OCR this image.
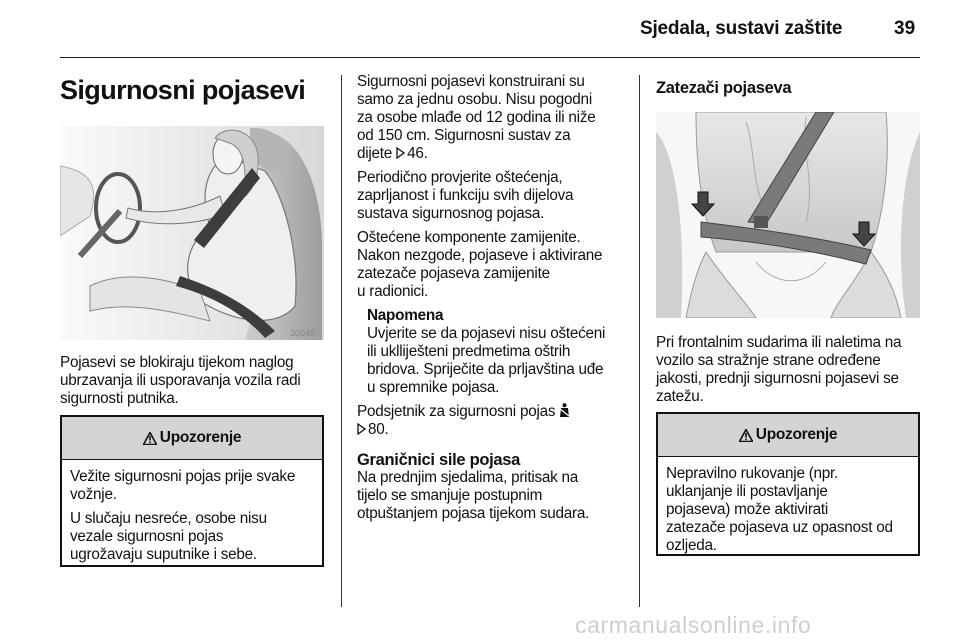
Sjedala, sustavi zaštite	39
Sigurnosni pojasevi
30049
Pojasevi se blokiraju tijekom naglog
ubrzavanja ili usporavanja vozila radi
sigurnosti putnika.
Upozorenje

Vežite sigurnosni pojas prije svake
vožnje.

U slučaju nesreće, osobe nisu
vezale sigurnosni pojas
ugrožavaju suputnike i sebe.

Sigurnosni pojasevi konstruirani su
samo za jednu osobu. Nisu pogodni
za osobe mlađe od 12 godina ili niže
od 150 cm. Sigurnosni sustav za
dijete 46.

Periodično provjerite oštećenja,
zaprljanost i funkciju svih dijelova
sustava sigurnosnog pojasa.

Oštećene komponente zamijenite.
Nakon nezgode, pojaseve i aktivirane
zatezače pojaseva zamijenite
u radionici.

Napomena
Uvjerite se da pojasevi nisu oštećeni
ili uklliješteni predmetima oštrih
bridova. Spriječite da prljavština uđe
u spremnike pojasa.

Podsjetnik za sigurnosni pojas
80.

Graničnici sile pojasa

Na prednjim sjedalima, pritisak na
tijelo se smanjuje postupnim
otpuštanjem pojasa tijekom sudara.

Zatezači pojaseva
Pri frontalnim sudarima ili naletima na
vozilo sa stražnje strane određene
jakosti, prednji sigurnosni pojasevi se
zatežu.
Upozorenje
Nepravilno rukovanje (npr.
uklanjanje ili postavljanje
pojaseva) može aktivirati
zatezače pojaseva uz opasnost od
ozljeda.
carmanualsonline.info
